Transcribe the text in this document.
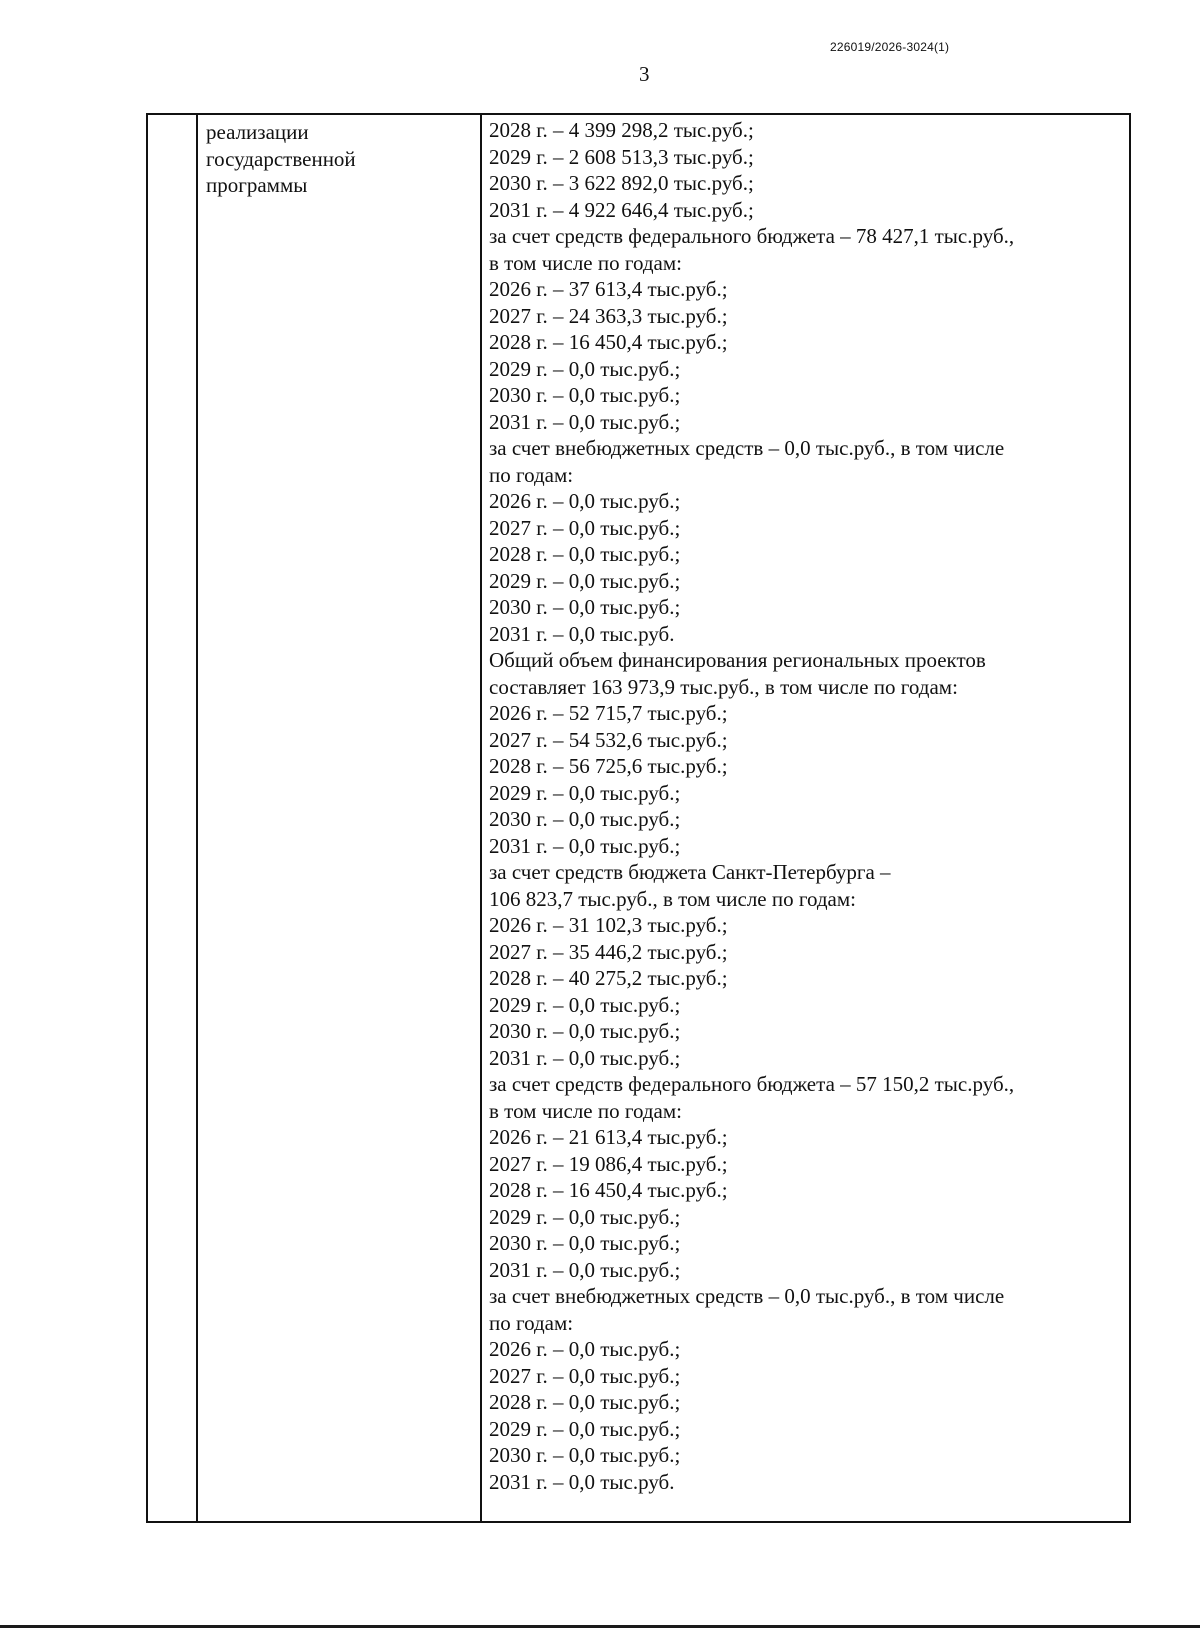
226019/2026-3024(1)
3
реализации
государственной
программы
2028 г. – 4 399 298,2 тыс.руб.;
2029 г. – 2 608 513,3 тыс.руб.;
2030 г. – 3 622 892,0 тыс.руб.;
2031 г. – 4 922 646,4 тыс.руб.;
за счет средств федерального бюджета – 78 427,1 тыс.руб.,
в том числе по годам:
2026 г. – 37 613,4 тыс.руб.;
2027 г. – 24 363,3 тыс.руб.;
2028 г. – 16 450,4 тыс.руб.;
2029 г. – 0,0 тыс.руб.;
2030 г. – 0,0 тыс.руб.;
2031 г. – 0,0 тыс.руб.;
за счет внебюджетных средств – 0,0 тыс.руб., в том числе
по годам:
2026 г. – 0,0 тыс.руб.;
2027 г. – 0,0 тыс.руб.;
2028 г. – 0,0 тыс.руб.;
2029 г. – 0,0 тыс.руб.;
2030 г. – 0,0 тыс.руб.;
2031 г. – 0,0 тыс.руб.
Общий объем финансирования региональных проектов
составляет 163 973,9 тыс.руб., в том числе по годам:
2026 г. – 52 715,7 тыс.руб.;
2027 г. – 54 532,6 тыс.руб.;
2028 г. – 56 725,6 тыс.руб.;
2029 г. – 0,0 тыс.руб.;
2030 г. – 0,0 тыс.руб.;
2031 г. – 0,0 тыс.руб.;
за счет средств бюджета Санкт-Петербурга –
106 823,7 тыс.руб., в том числе по годам:
2026 г. – 31 102,3 тыс.руб.;
2027 г. – 35 446,2 тыс.руб.;
2028 г. – 40 275,2 тыс.руб.;
2029 г. – 0,0 тыс.руб.;
2030 г. – 0,0 тыс.руб.;
2031 г. – 0,0 тыс.руб.;
за счет средств федерального бюджета – 57 150,2 тыс.руб.,
в том числе по годам:
2026 г. – 21 613,4 тыс.руб.;
2027 г. – 19 086,4 тыс.руб.;
2028 г. – 16 450,4 тыс.руб.;
2029 г. – 0,0 тыс.руб.;
2030 г. – 0,0 тыс.руб.;
2031 г. – 0,0 тыс.руб.;
за счет внебюджетных средств – 0,0 тыс.руб., в том числе
по годам:
2026 г. – 0,0 тыс.руб.;
2027 г. – 0,0 тыс.руб.;
2028 г. – 0,0 тыс.руб.;
2029 г. – 0,0 тыс.руб.;
2030 г. – 0,0 тыс.руб.;
2031 г. – 0,0 тыс.руб.
